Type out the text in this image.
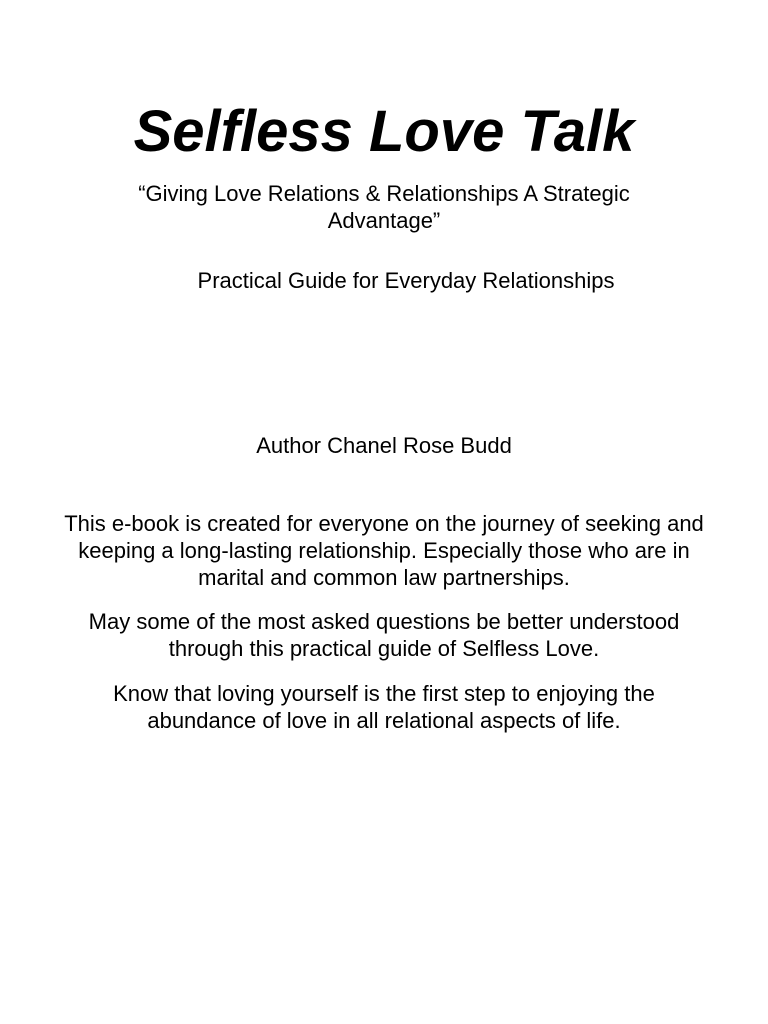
Selfless Love Talk

“Giving Love Relations & Relationships A Strategic Advantage”

Practical Guide for Everyday Relationships

Author Chanel Rose Budd

This e-book is created for everyone on the journey of seeking and keeping a long-lasting relationship. Especially those who are in marital and common law partnerships.

May some of the most asked questions be better understood through this practical guide of Selfless Love.

Know that loving yourself is the first step to enjoying the abundance of love in all relational aspects of life.
